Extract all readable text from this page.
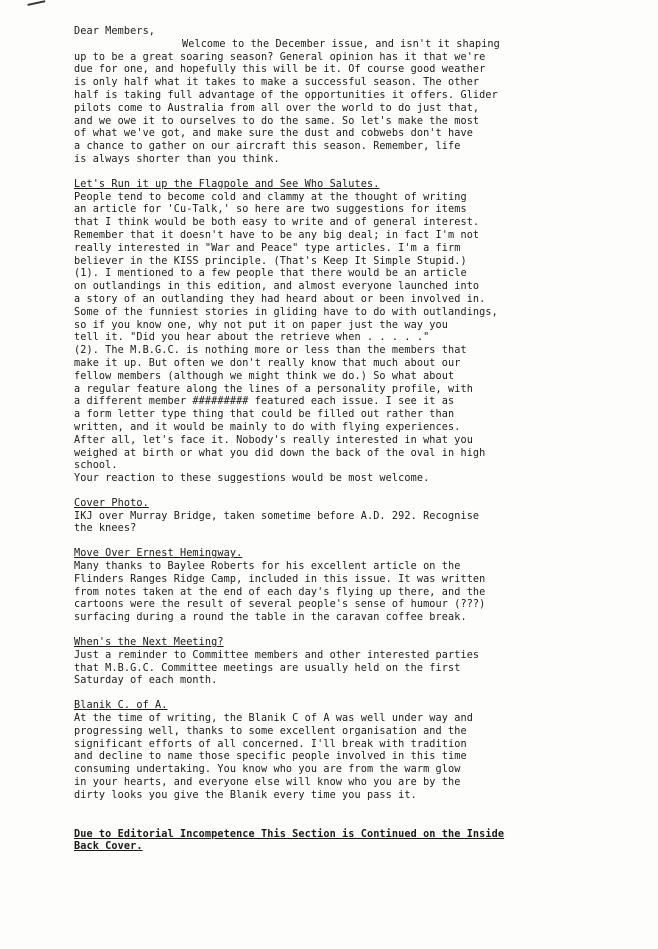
Dear Members,
Welcome to the December issue, and isn't it shaping
up to be a great soaring season? General opinion has it that we're
due for one, and hopefully this will be it. Of course good weather
is only half what it takes to make a successful season. The other
half is taking full advantage of the opportunities it offers. Glider
pilots come to Australia from all over the world to do just that,
and we owe it to ourselves to do the same. So let's make the most
of what we've got, and make sure the dust and cobwebs don't have
a chance to gather on our aircraft this season. Remember, life
is always shorter than you think.
Let's Run it up the Flagpole and See Who Salutes.
People tend to become cold and clammy at the thought of writing
an article for 'Cu-Talk,' so here are two suggestions for items
that I think would be both easy to write and of general interest.
Remember that it doesn't have to be any big deal; in fact I'm not
really interested in "War and Peace" type articles. I'm a firm
believer in the KISS principle. (That's Keep It Simple Stupid.)
(1). I mentioned to a few people that there would be an article
on outlandings in this edition, and almost everyone launched into
a story of an outlanding they had heard about or been involved in.
Some of the funniest stories in gliding have to do with outlandings,
so if you know one, why not put it on paper just the way you
tell it. "Did you hear about the retrieve when . . . . ."
(2). The M.B.G.C. is nothing more or less than the members that
make it up. But often we don't really know that much about our
fellow members (although we might think we do.) So what about
a regular feature along the lines of a personality profile, with
a different member ######### featured each issue. I see it as
a form letter type thing that could be filled out rather than
written, and it would be mainly to do with flying experiences.
After all, let's face it. Nobody's really interested in what you
weighed at birth or what you did down the back of the oval in high
school.
Your reaction to these suggestions would be most welcome.
Cover Photo.
IKJ over Murray Bridge, taken sometime before A.D. 292. Recognise
the knees?
Move Over Ernest Hemingway.
Many thanks to Baylee Roberts for his excellent article on the
Flinders Ranges Ridge Camp, included in this issue. It was written
from notes taken at the end of each day's flying up there, and the
cartoons were the result of several people's sense of humour (???)
surfacing during a round the table in the caravan coffee break.
When's the Next Meeting?
Just a reminder to Committee members and other interested parties
that M.B.G.C. Committee meetings are usually held on the first
Saturday of each month.
Blanik C. of A.
At the time of writing, the Blanik C of A was well under way and
progressing well, thanks to some excellent organisation and the
significant efforts of all concerned. I'll break with tradition
and decline to name those specific people involved in this time
consuming undertaking. You know who you are from the warm glow
in your hearts, and everyone else will know who you are by the
dirty looks you give the Blanik every time you pass it.
Due to Editorial Incompetence This Section is Continued on the Inside
Back Cover.
